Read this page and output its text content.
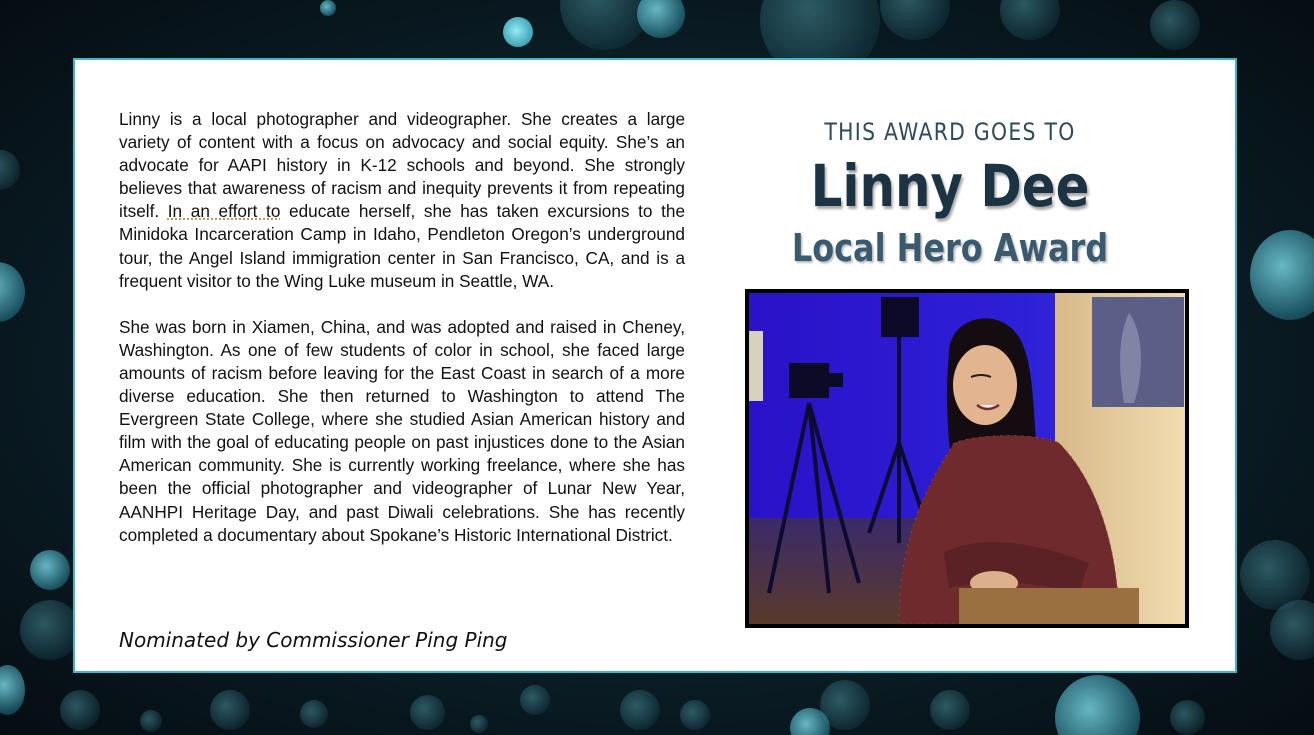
Linny is a local photographer and videographer. She creates a large variety of content with a focus on advocacy and social equity. She’s an advocate for AAPI history in K-12 schools and beyond. She strongly believes that awareness of racism and inequity prevents it from repeating itself. In an effort to educate herself, she has taken excursions to the Minidoka Incarceration Camp in Idaho, Pendleton Oregon’s underground tour, the Angel Island immigration center in San Francisco, CA, and is a frequent visitor to the Wing Luke museum in Seattle, WA.

She was born in Xiamen, China, and was adopted and raised in Cheney, Washington. As one of few students of color in school, she faced large amounts of racism before leaving for the East Coast in search of a more diverse education. She then returned to Washington to attend The Evergreen State College, where she studied Asian American history and film with the goal of educating people on past injustices done to the Asian American community. She is currently working freelance, where she has been the official photographer and videographer of Lunar New Year, AANHPI Heritage Day, and past Diwali celebrations. She has recently completed a documentary about Spokane’s Historic International District.

Nominated by Commissioner Ping Ping
THIS AWARD GOES TO
Linny Dee
Local Hero Award
